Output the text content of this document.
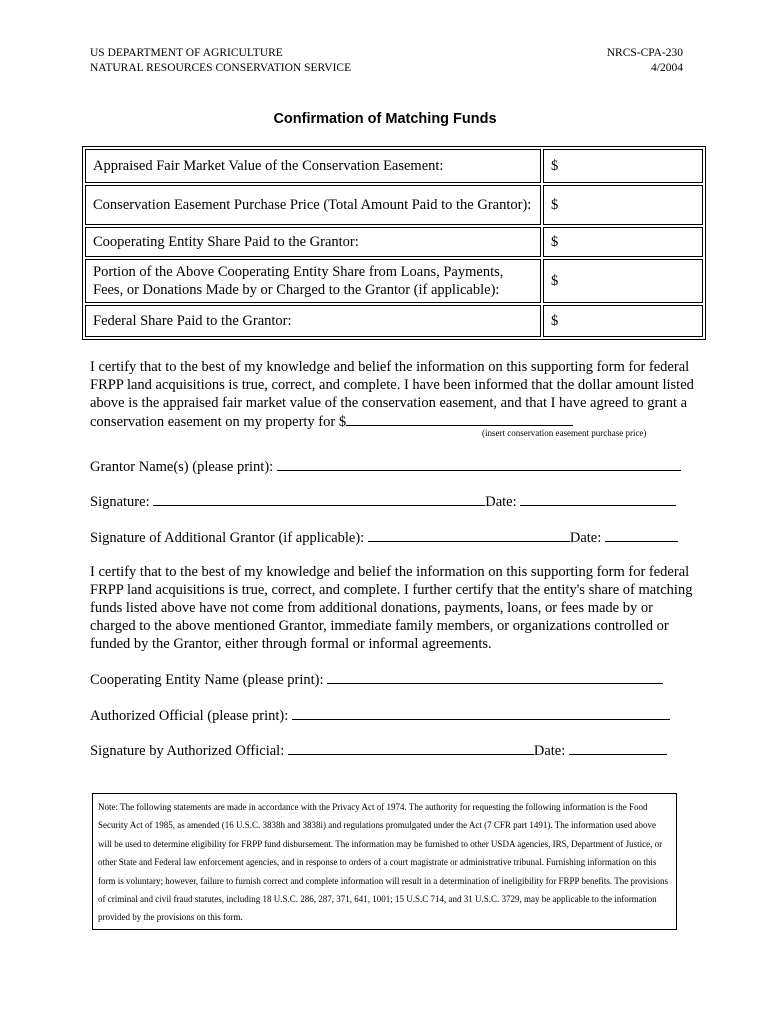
US DEPARTMENT OF AGRICULTURE
NATURAL RESOURCES CONSERVATION SERVICE
NRCS-CPA-230
4/2004
Confirmation of Matching Funds
Appraised Fair Market Value of the Conservation Easement:	$
Conservation Easement Purchase Price (Total Amount Paid to the Grantor):	$
Cooperating Entity Share Paid to the Grantor:	$
Portion of the Above Cooperating Entity Share from Loans, Payments, Fees, or Donations Made by or Charged to the Grantor (if applicable):	$
Federal Share Paid to the Grantor:	$
I certify that to the best of my knowledge and belief the information on this supporting form for federal FRPP land acquisitions is true, correct, and complete. I have been informed that the dollar amount listed above is the appraised fair market value of the conservation easement, and that I have agreed to grant a conservation easement on my property for $
(insert conservation easement purchase price)
Grantor Name(s) (please print):
Signature:	Date:
Signature of Additional Grantor (if applicable):	Date:
I certify that to the best of my knowledge and belief the information on this supporting form for federal FRPP land acquisitions is true, correct, and complete. I further certify that the entity's share of matching funds listed above have not come from additional donations, payments, loans, or fees made by or charged to the above mentioned Grantor, immediate family members, or organizations controlled or funded by the Grantor, either through formal or informal agreements.
Cooperating Entity Name (please print):
Authorized Official (please print):
Signature by Authorized Official:	Date:
Note: The following statements are made in accordance with the Privacy Act of 1974. The authority for requesting the following information is the Food Security Act of 1985, as amended (16 U.S.C. 3838h and 3838i) and regulations promulgated under the Act (7 CFR part 1491). The information used above will be used to determine eligibility for FRPP fund disbursement. The information may be furnished to other USDA agencies, IRS, Department of Justice, or other State and Federal law enforcement agencies, and in response to orders of a court magistrate or administrative tribunal. Furnishing information on this form is voluntary; however, failure to furnish correct and complete information will result in a determination of ineligibility for FRPP benefits. The provisions of criminal and civil fraud statutes, including 18 U.S.C. 286, 287, 371, 641, 1001; 15 U.S.C 714, and 31 U.S.C. 3729, may be applicable to the information provided by the provisions on this form.
